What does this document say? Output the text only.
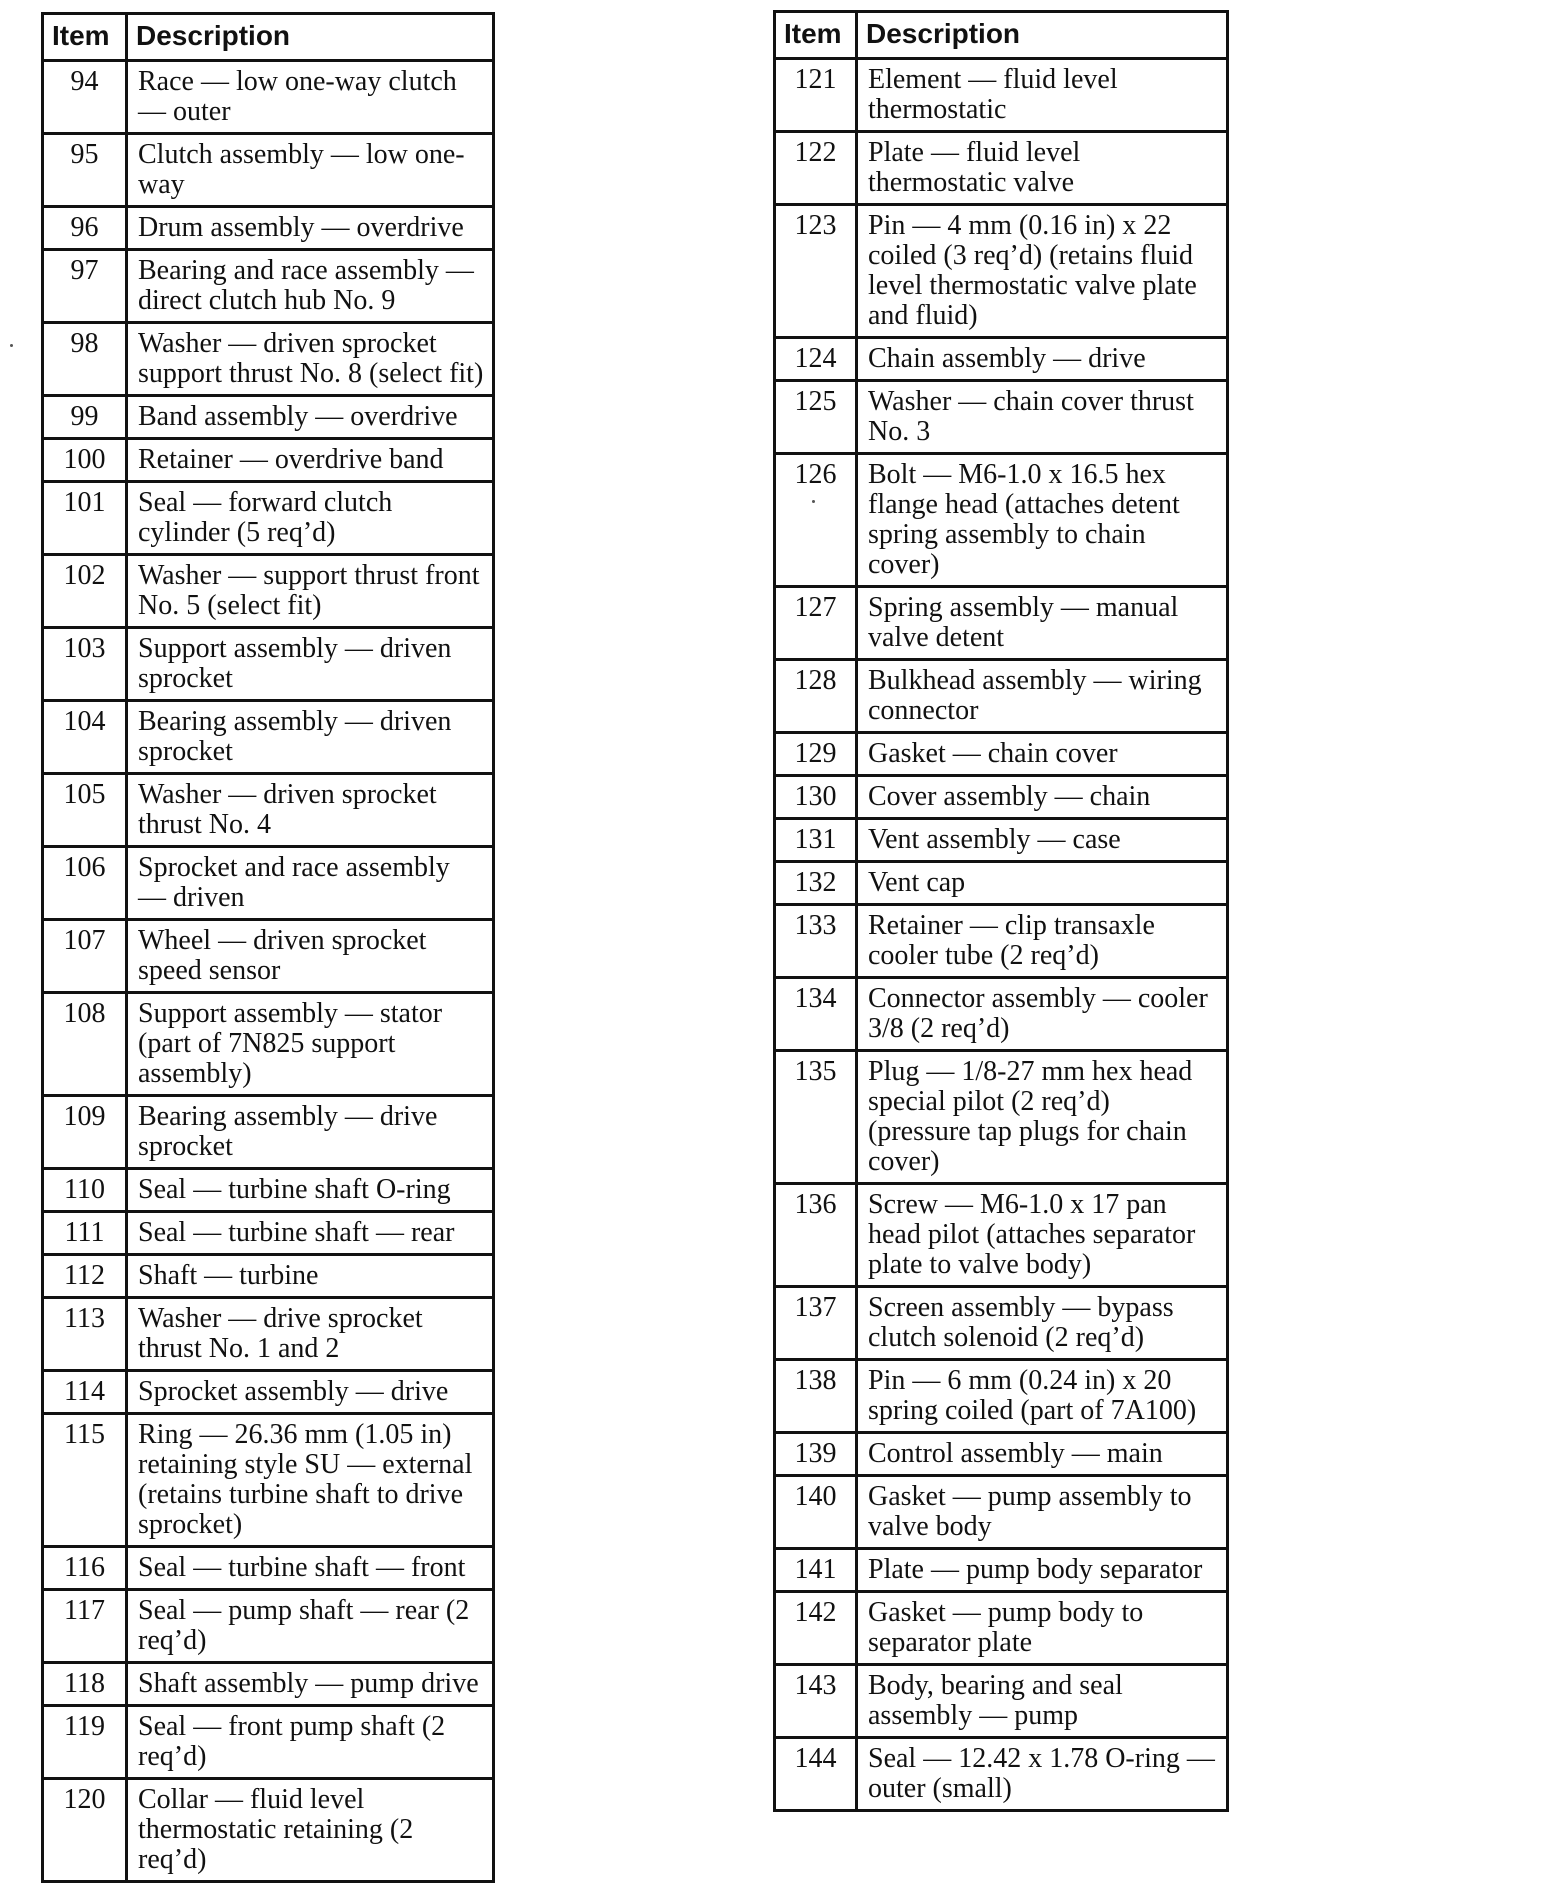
Item	Description
94	Race — low one-way clutch — outer
95	Clutch assembly — low one-way
96	Drum assembly — overdrive
97	Bearing and race assembly — direct clutch hub No. 9
98	Washer — driven sprocket support thrust No. 8 (select fit)
99	Band assembly — overdrive
100	Retainer — overdrive band
101	Seal — forward clutch cylinder (5 req’d)
102	Washer — support thrust front No. 5 (select fit)
103	Support assembly — driven sprocket
104	Bearing assembly — driven sprocket
105	Washer — driven sprocket thrust No. 4
106	Sprocket and race assembly — driven
107	Wheel — driven sprocket speed sensor
108	Support assembly — stator (part of 7N825 support assembly)
109	Bearing assembly — drive sprocket
110	Seal — turbine shaft O-ring
111	Seal — turbine shaft — rear
112	Shaft — turbine
113	Washer — drive sprocket thrust No. 1 and 2
114	Sprocket assembly — drive
115	Ring — 26.36 mm (1.05 in) retaining style SU — external (retains turbine shaft to drive sprocket)
116	Seal — turbine shaft — front
117	Seal — pump shaft — rear (2 req’d)
118	Shaft assembly — pump drive
119	Seal — front pump shaft (2 req’d)
120	Collar — fluid level thermostatic retaining (2 req’d)
Item	Description
121	Element — fluid level thermostatic
122	Plate — fluid level thermostatic valve
123	Pin — 4 mm (0.16 in) x 22 coiled (3 req’d) (retains fluid level thermostatic valve plate and fluid)
124	Chain assembly — drive
125	Washer — chain cover thrust No. 3
126	Bolt — M6-1.0 x 16.5 hex flange head (attaches detent spring assembly to chain cover)
127	Spring assembly — manual valve detent
128	Bulkhead assembly — wiring connector
129	Gasket — chain cover
130	Cover assembly — chain
131	Vent assembly — case
132	Vent cap
133	Retainer — clip transaxle cooler tube (2 req’d)
134	Connector assembly — cooler 3/8 (2 req’d)
135	Plug — 1/8-27 mm hex head special pilot (2 req’d) (pressure tap plugs for chain cover)
136	Screw — M6-1.0 x 17 pan head pilot (attaches separator plate to valve body)
137	Screen assembly — bypass clutch solenoid (2 req’d)
138	Pin — 6 mm (0.24 in) x 20 spring coiled (part of 7A100)
139	Control assembly — main
140	Gasket — pump assembly to valve body
141	Plate — pump body separator
142	Gasket — pump body to separator plate
143	Body, bearing and seal assembly — pump
144	Seal — 12.42 x 1.78 O-ring — outer (small)
